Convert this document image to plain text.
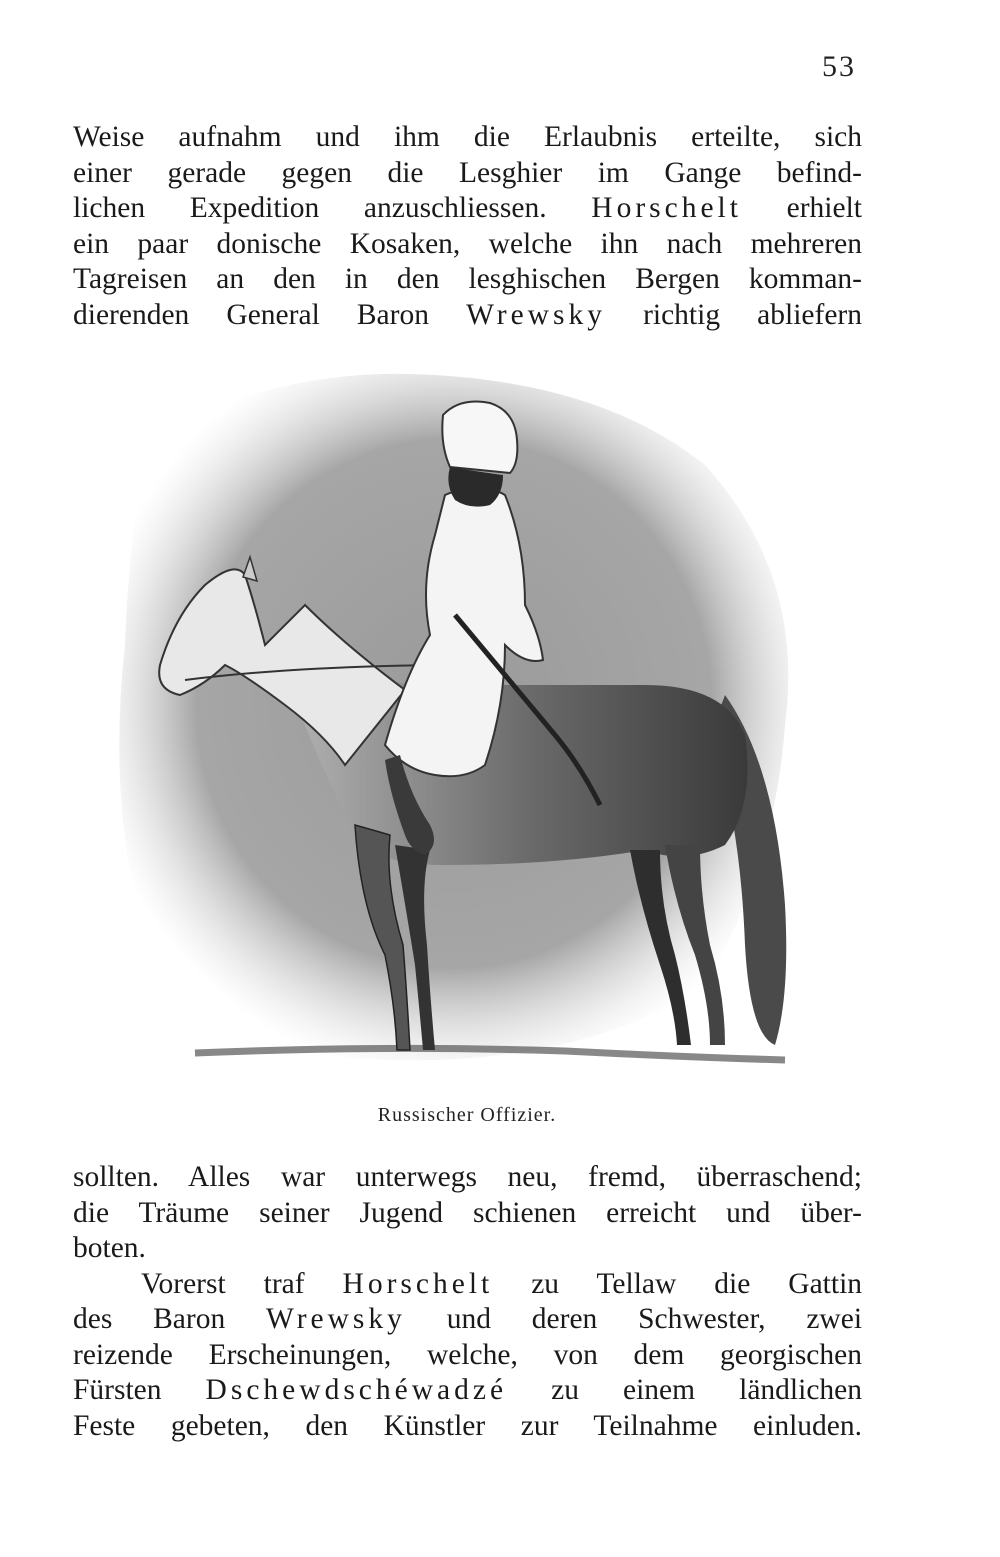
53
Weise aufnahm und ihm die Erlaubnis erteilte, sich
einer gerade gegen die Lesghier im Gange befind-
lichen Expedition anzuschliessen. Horschelt erhielt
ein paar donische Kosaken, welche ihn nach mehreren
Tagreisen an den in den lesghischen Bergen komman-
dierenden General Baron Wrewsky richtig abliefern
Russischer Offizier.
sollten. Alles war unterwegs neu, fremd, überraschend;
die Träume seiner Jugend schienen erreicht und über-
boten.
Vorerst traf Horschelt zu Tellaw die Gattin
des Baron Wrewsky und deren Schwester, zwei
reizende Erscheinungen, welche, von dem georgischen
Fürsten Dschewdschéwadzé zu einem ländlichen
Feste gebeten, den Künstler zur Teilnahme einluden.
